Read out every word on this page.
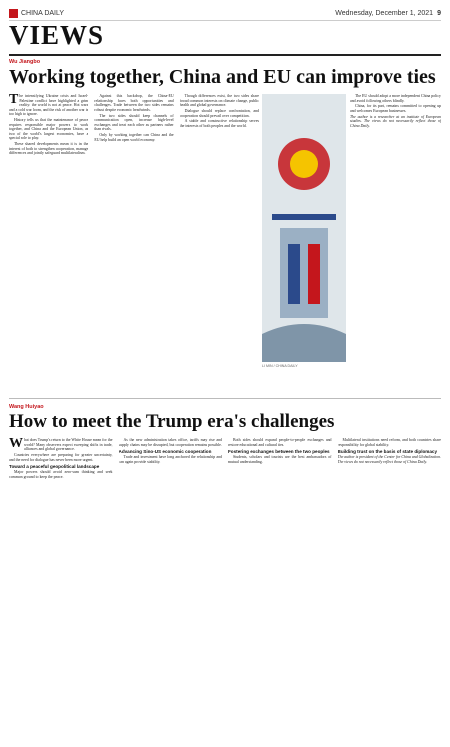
CHINA DAILY	Wednesday, December 1, 2021 9
VIEWS
Wu Jiangbo
Working together, China and EU can improve ties
T he intensifying Ukraine crisis and Israel-Palestine conflict have highlighted a grim reality: the world is not at peace. Hot wars and a cold war loom, and the risk of another war is too high to ignore.

History tells us that the maintenance of peace requires responsible major powers to work together, and China and the European Union, as two of the world's largest economies, have a special role to play.

These shared developments mean it is in the interest of both to strengthen cooperation, manage differences and jointly safeguard multilateralism.

Against this backdrop, the China-EU relationship faces both opportunities and challenges. Trade between the two sides remains robust despite economic headwinds.

The two sides should keep channels of communication open, increase high-level exchanges and treat each other as partners rather than rivals.

Only by working together can China and the EU help build an open world economy.

Though differences exist, the two sides share broad common interests on climate change, public health and global governance.

Dialogue should replace confrontation, and cooperation should prevail over competition.

A stable and constructive relationship serves the interests of both peoples and the world.

The EU should adopt a more independent China policy and avoid following others blindly.

China, for its part, remains committed to opening up and welcomes European businesses.

The author is a researcher at an institute of European studies. The views do not necessarily reflect those of China Daily.

LI MIN / CHINA DAILY
Wang Huiyao
How to meet the Trump era's challenges
W hat does Trump's return to the White House mean for the world? Many observers expect sweeping shifts in trade, alliances and global governance.

Countries everywhere are preparing for greater uncertainty, and the need for dialogue has never been more urgent.

Toward a peaceful geopolitical landscape

Major powers should avoid zero-sum thinking and seek common ground to keep the peace.

As the new administration takes office, tariffs may rise and supply chains may be disrupted, but cooperation remains possible.

Advancing Sino-US economic cooperation

Trade and investment have long anchored the relationship and can again provide stability.

Both sides should expand people-to-people exchanges and restore educational and cultural ties.

Fostering exchanges between the two peoples

Students, scholars and tourists are the best ambassadors of mutual understanding.

Multilateral institutions need reform, and both countries share responsibility for global stability.

Building trust on the basis of state diplomacy

The author is president of the Center for China and Globalization. The views do not necessarily reflect those of China Daily.
